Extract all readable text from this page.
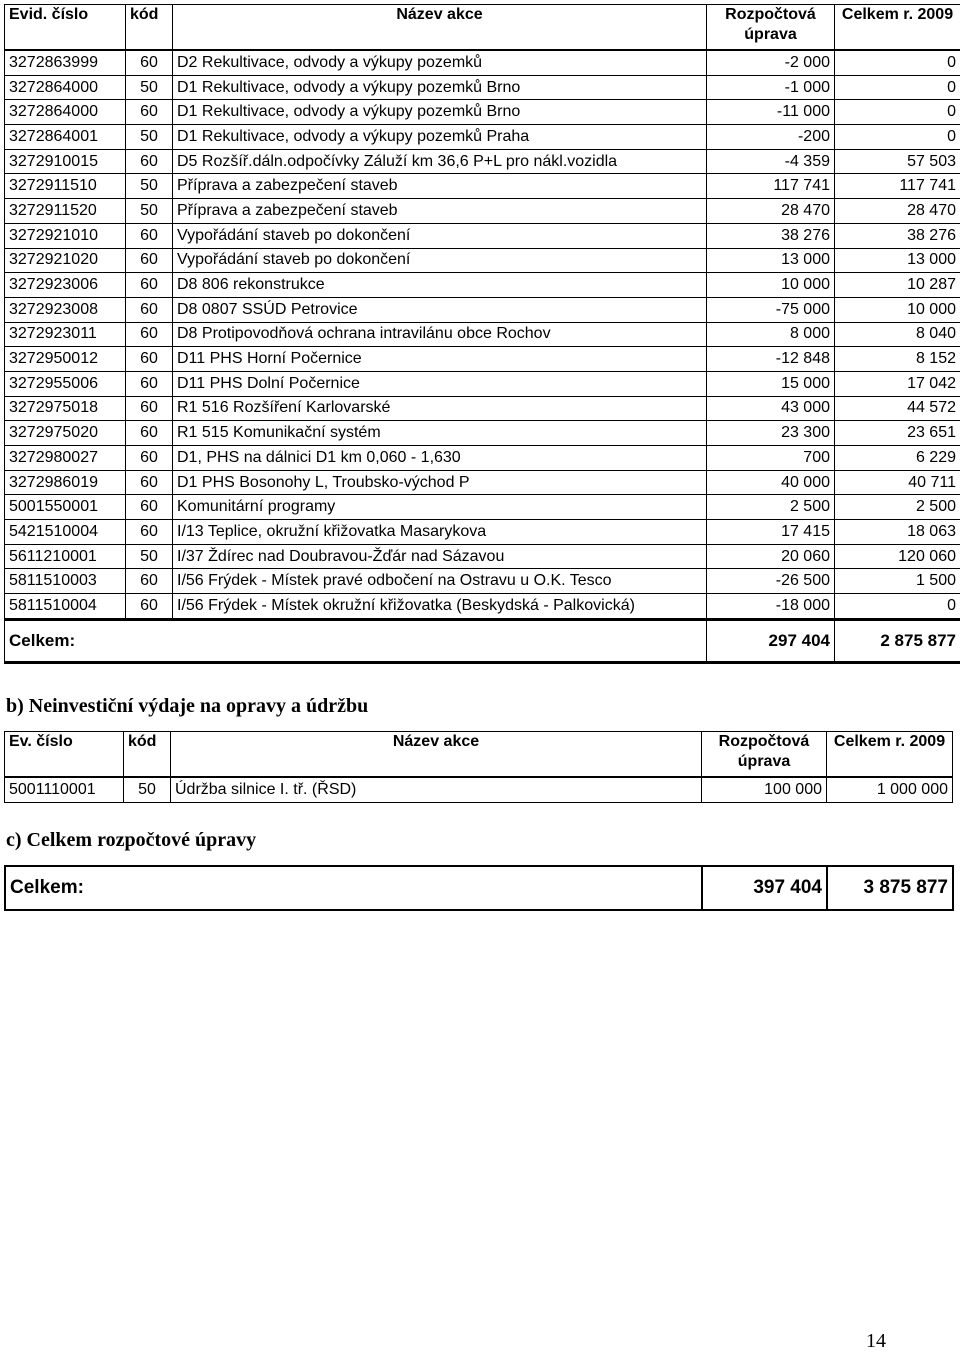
Evid. číslo	kód	Název akce	Rozpočtová úprava	Celkem r. 2009
3272863999	60	D2 Rekultivace, odvody a výkupy pozemků	-2 000	0
3272864000	50	D1 Rekultivace, odvody a výkupy pozemků Brno	-1 000	0
3272864000	60	D1 Rekultivace, odvody a výkupy pozemků Brno	-11 000	0
3272864001	50	D1 Rekultivace, odvody a výkupy pozemků Praha	-200	0
3272910015	60	D5 Rozšíř.dáln.odpočívky Záluží km 36,6 P+L pro nákl.vozidla	-4 359	57 503
3272911510	50	Příprava a zabezpečení staveb	117 741	117 741
3272911520	50	Příprava a zabezpečení staveb	28 470	28 470
3272921010	60	Vypořádání staveb po dokončení	38 276	38 276
3272921020	60	Vypořádání staveb po dokončení	13 000	13 000
3272923006	60	D8 806 rekonstrukce	10 000	10 287
3272923008	60	D8 0807 SSÚD Petrovice	-75 000	10 000
3272923011	60	D8 Protipovodňová ochrana intravilánu obce Rochov	8 000	8 040
3272950012	60	D11 PHS Horní Počernice	-12 848	8 152
3272955006	60	D11 PHS Dolní Počernice	15 000	17 042
3272975018	60	R1 516 Rozšíření Karlovarské	43 000	44 572
3272975020	60	R1 515 Komunikační systém	23 300	23 651
3272980027	60	D1, PHS na dálnici D1 km 0,060 - 1,630	700	6 229
3272986019	60	D1 PHS Bosonohy L, Troubsko-východ P	40 000	40 711
5001550001	60	Komunitární programy	2 500	2 500
5421510004	60	I/13 Teplice, okružní křižovatka Masarykova	17 415	18 063
5611210001	50	I/37 Ždírec nad Doubravou-Žďár nad Sázavou	20 060	120 060
5811510003	60	I/56 Frýdek - Místek pravé odbočení na Ostravu u O.K. Tesco	-26 500	1 500
5811510004	60	I/56 Frýdek - Místek okružní křižovatka (Beskydská - Palkovická)	-18 000	0
Celkem:			297 404	2 875 877
b) Neinvestiční výdaje na opravy a údržbu
Ev. číslo	kód	Název akce	Rozpočtová úprava	Celkem r. 2009
5001110001	50	Údržba silnice I. tř. (ŘSD)	100 000	1 000 000
c) Celkem rozpočtové úpravy
Celkem:	397 404	3 875 877
14
